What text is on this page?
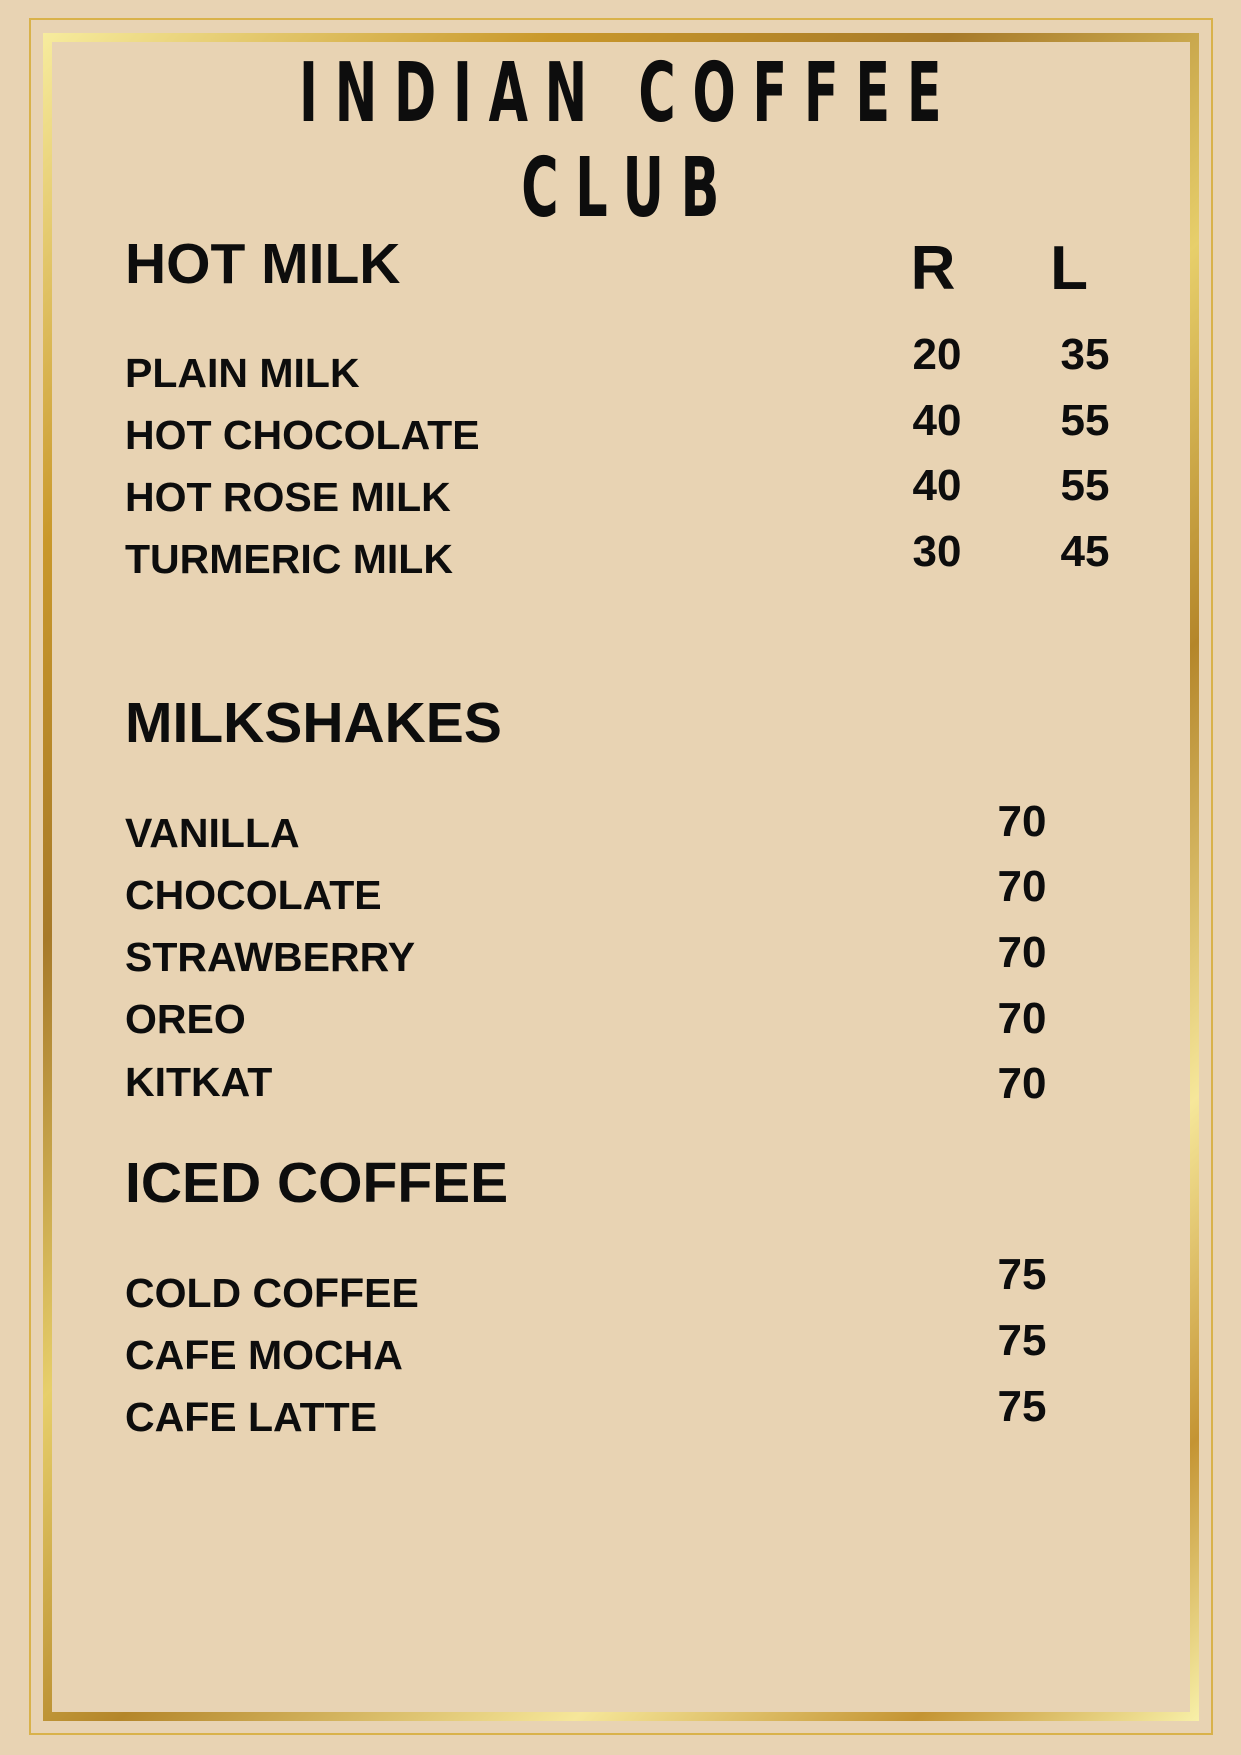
INDIAN COFFEE CLUB
HOT MILK	R	L
PLAIN MILK	20	35
HOT CHOCOLATE	40	55
HOT ROSE MILK	40	55
TURMERIC MILK	30	45
MILKSHAKES
VANILLA	70
CHOCOLATE	70
STRAWBERRY	70
OREO	70
KITKAT	70
ICED COFFEE
COLD COFFEE	75
CAFE MOCHA	75
CAFE LATTE	75
